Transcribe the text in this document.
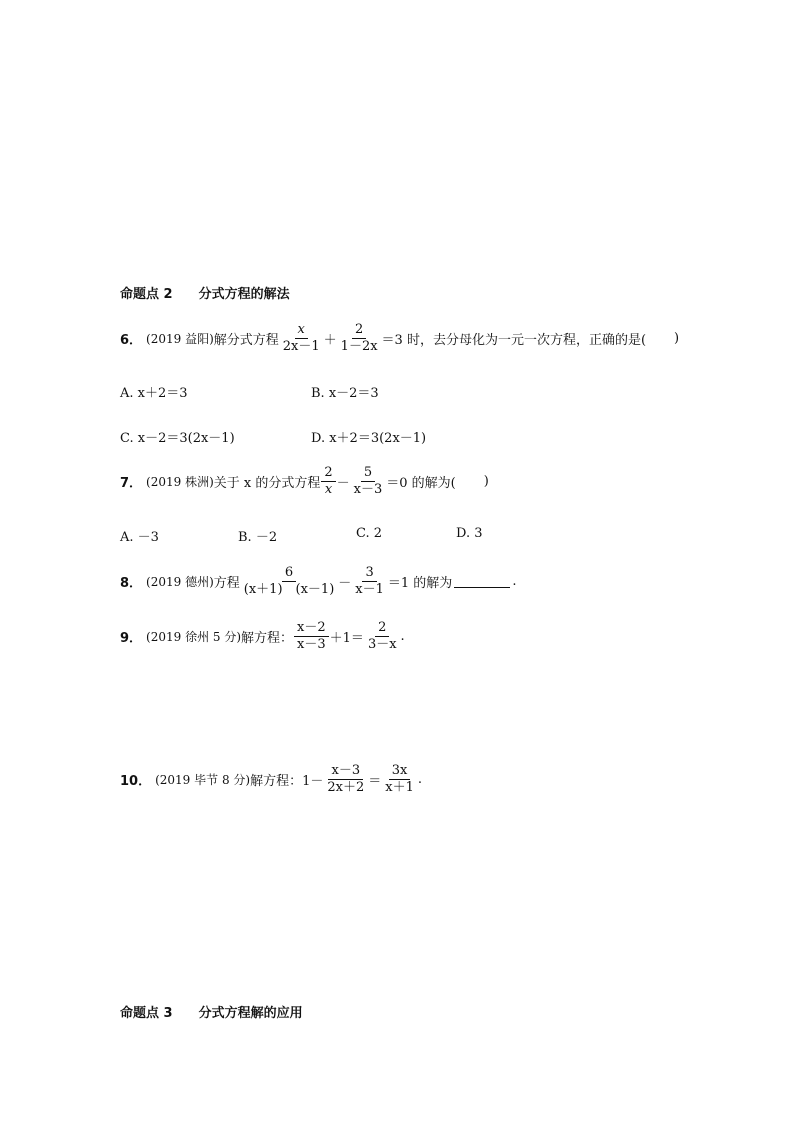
命题点 2 分式方程的解法
6． (2019 益阳) 解分式方程 $\frac{x}{2x-1} + \frac{2}{1-2x} =3$ 时，去分母化为一元一次方程，正确的是( )
A. x＋2＝3	B. x－2＝3
C. x－2＝3(2x－1)	D. x＋2＝3(2x－1)
7． (2019 株洲) 关于 x 的分式方程 $\frac{2}{x} - \frac{5}{x-3} =0$ 的解为( )
A. －3	B. －2	C. 2	D. 3
8． (2019 德州) 方程 $\frac{6}{(x+1) (x-1)} - \frac{3}{x-1} =1$ 的解为	.
9． (2019 徐州 5 分) 解方程： $\frac{x-2}{x-3} +1= \frac{2}{3-x}$ .
10． (2019 毕节 8 分) 解方程：$1- \frac{x-3}{2x+2} = \frac{3x}{x+1}$ .
命题点 3 分式方程解的应用
